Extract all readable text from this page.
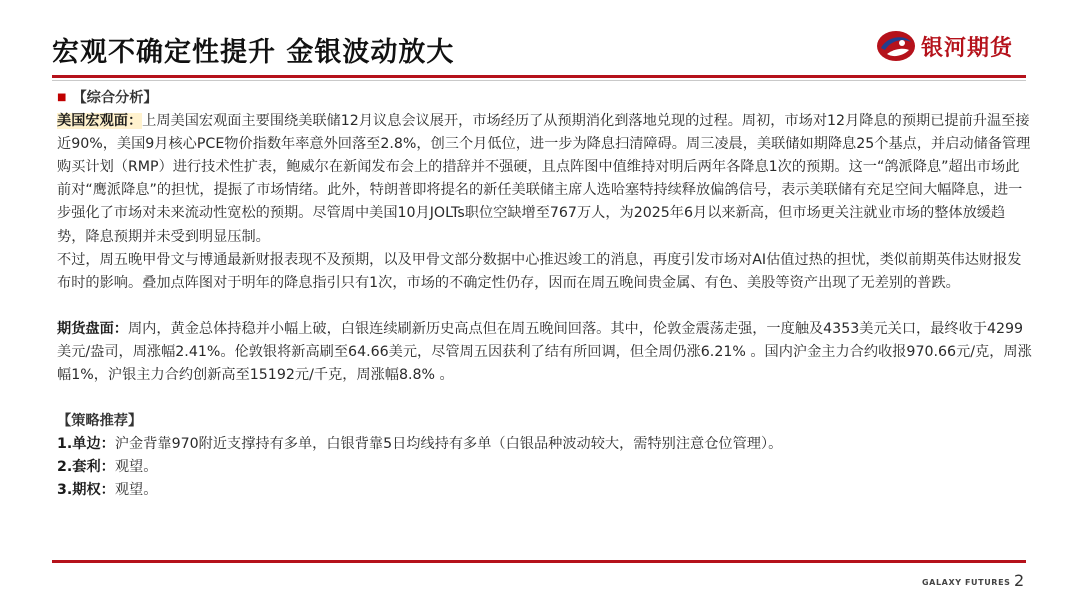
宏观不确定性提升 金银波动放大	银河期货

■ 【综合分析】

美国宏观面：上周美国宏观面主要围绕美联储12月议息会议展开，市场经历了从预期消化到落地兑现的过程。周初，市场对12月降息的预期已提前升温至接近90%，美国9月核心PCE物价指数年率意外回落至2.8%，创三个月低位，进一步为降息扫清障碍。周三凌晨，美联储如期降息25个基点，并启动储备管理购买计划（RMP）进行技术性扩表，鲍威尔在新闻发布会上的措辞并不强硬，且点阵图中值维持对明后两年各降息1次的预期。这一“鸽派降息”超出市场此前对“鹰派降息”的担忧，提振了市场情绪。此外，特朗普即将提名的新任美联储主席人选哈塞特持续释放偏鸽信号，表示美联储有充足空间大幅降息，进一步强化了市场对未来流动性宽松的预期。尽管周中美国10月JOLTs职位空缺增至767万人，为2025年6月以来新高，但市场更关注就业市场的整体放缓趋势，降息预期并未受到明显压制。

不过，周五晚甲骨文与博通最新财报表现不及预期，以及甲骨文部分数据中心推迟竣工的消息，再度引发市场对AI估值过热的担忧，类似前期英伟达财报发布时的影响。叠加点阵图对于明年的降息指引只有1次，市场的不确定性仍存，因而在周五晚间贵金属、有色、美股等资产出现了无差别的普跌。

期货盘面：周内，黄金总体持稳并小幅上破，白银连续刷新历史高点但在周五晚间回落。其中，伦敦金震荡走强，一度触及4353美元关口，最终收于4299美元/盎司，周涨幅2.41%。伦敦银将新高刷至64.66美元，尽管周五因获利了结有所回调，但全周仍涨6.21% 。国内沪金主力合约收报970.66元/克，周涨幅1%，沪银主力合约创新高至15192元/千克，周涨幅8.8% 。

【策略推荐】

1.单边：沪金背靠970附近支撑持有多单，白银背靠5日均线持有多单（白银品种波动较大，需特别注意仓位管理）。

2.套利：观望。

3.期权：观望。

GALAXY FUTURES 2
